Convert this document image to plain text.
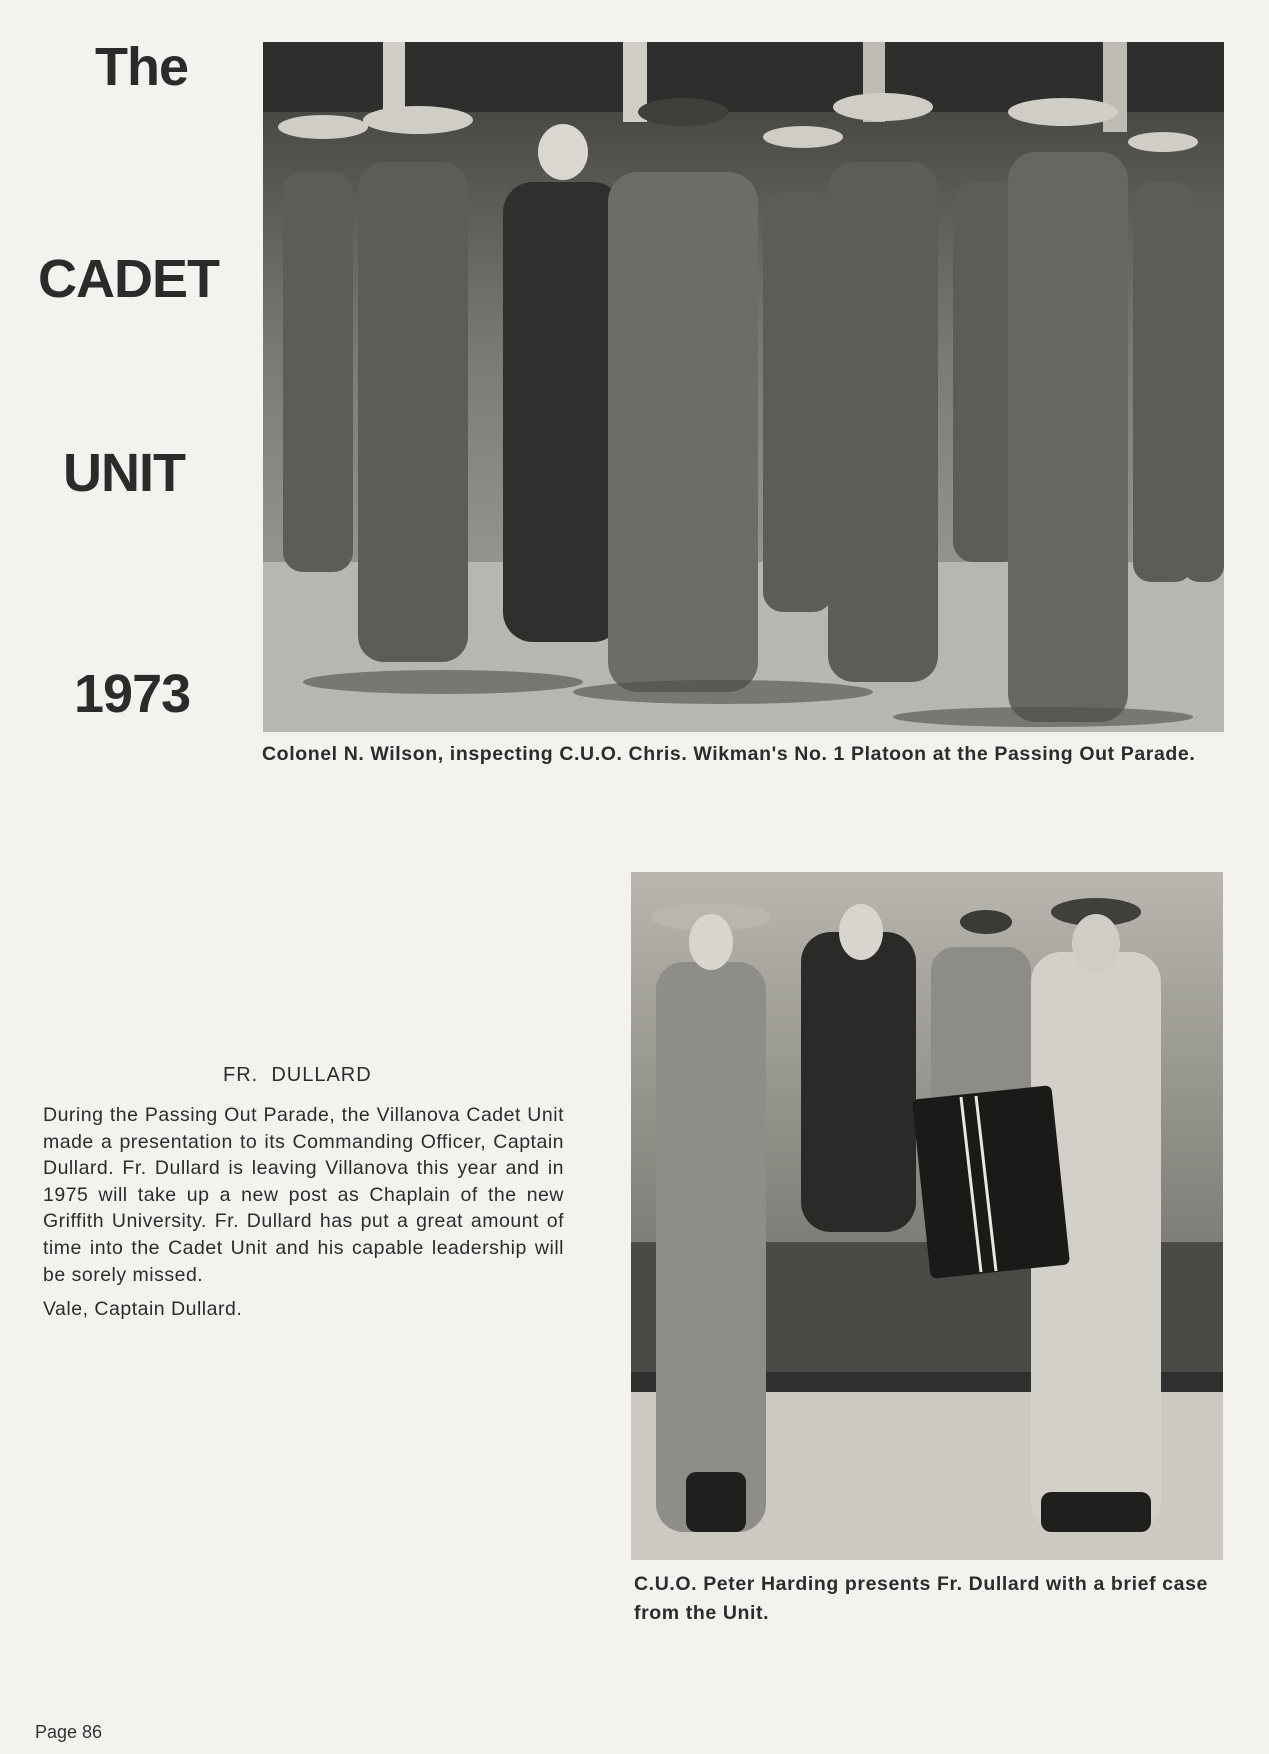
The
CADET
UNIT
1973
Colonel N. Wilson, inspecting C.U.O. Chris. Wikman's No. 1 Platoon at the Passing Out Parade.
C.U.O. Peter Harding presents Fr. Dullard with a brief case from the Unit.
FR.  DULLARD

During the Passing Out Parade, the Villanova Cadet Unit made a presentation to its Commanding Officer, Captain Dullard. Fr. Dullard is leaving Villanova this year and in 1975 will take up a new post as Chaplain of the new Griffith University. Fr. Dullard has put a great amount of time into the Cadet Unit and his capable leadership will be sorely missed.

Vale, Captain Dullard.

Page 86
